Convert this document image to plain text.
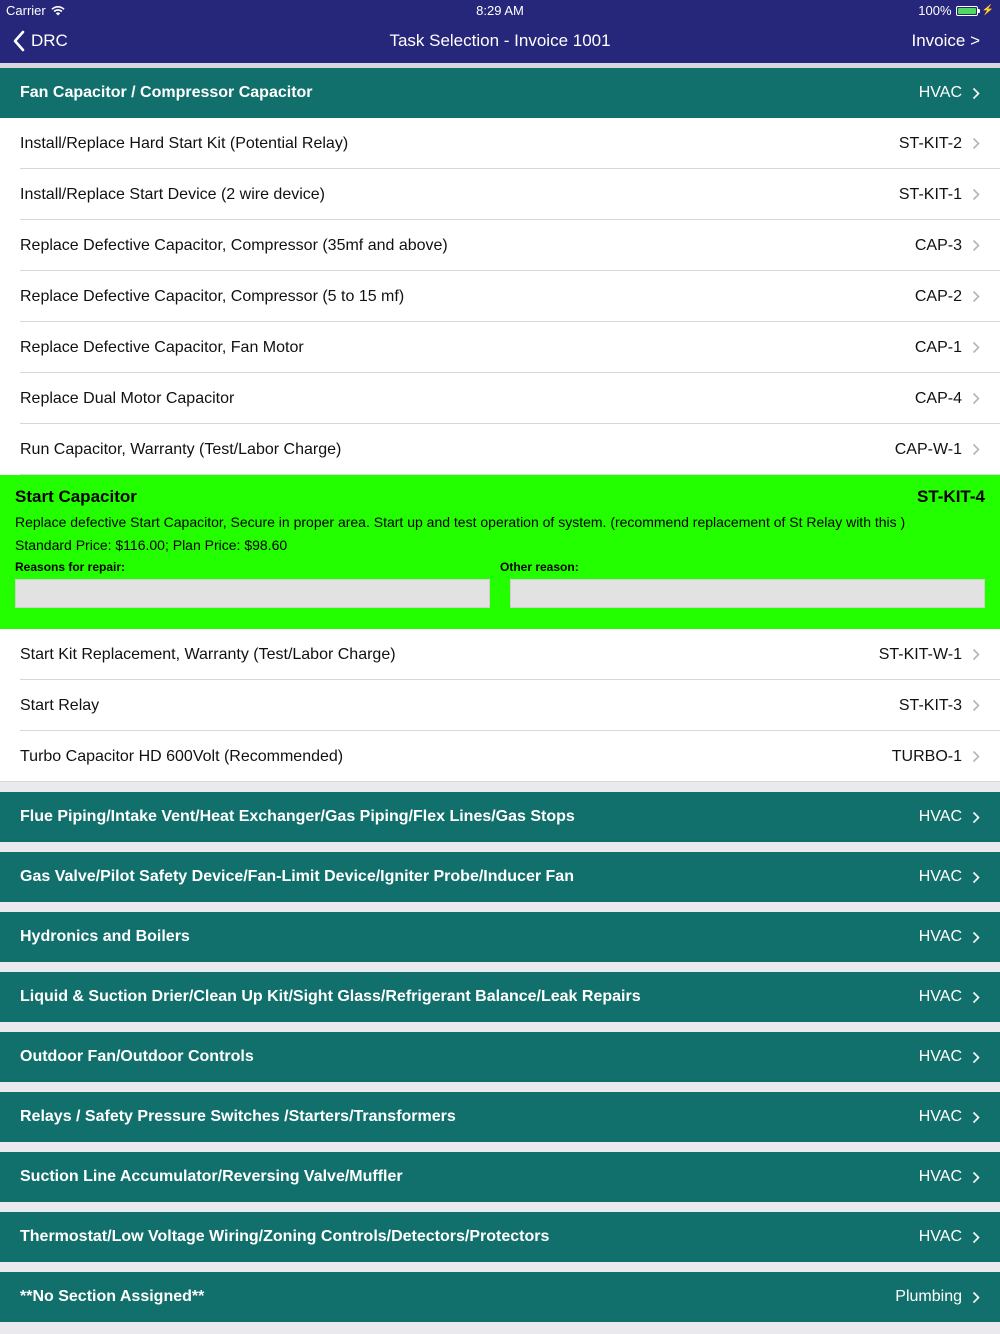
Carrier	8:29 AM	100%	⚡
DRC	Task Selection - Invoice 1001	Invoice >
Fan Capacitor / Compressor Capacitor	HVAC
Install/Replace Hard Start Kit (Potential Relay)	ST-KIT-2
Install/Replace Start Device (2 wire device)	ST-KIT-1
Replace Defective Capacitor, Compressor (35mf and above)	CAP-3
Replace Defective Capacitor, Compressor (5 to 15 mf)	CAP-2
Replace Defective Capacitor, Fan Motor	CAP-1
Replace Dual Motor Capacitor	CAP-4
Run Capacitor, Warranty (Test/Labor Charge)	CAP-W-1
Start Capacitor	ST-KIT-4
Replace defective Start Capacitor, Secure in proper area. Start up and test operation of system. (recommend replacement of St Relay with this )
Standard Price: $116.00; Plan Price: $98.60
Reasons for repair:	Other reason:
Start Kit Replacement, Warranty (Test/Labor Charge)	ST-KIT-W-1
Start Relay	ST-KIT-3
Turbo Capacitor HD 600Volt (Recommended)	TURBO-1
Flue Piping/Intake Vent/Heat Exchanger/Gas Piping/Flex Lines/Gas Stops	HVAC
Gas Valve/Pilot Safety Device/Fan-Limit Device/Igniter Probe/Inducer Fan	HVAC
Hydronics and Boilers	HVAC
Liquid & Suction Drier/Clean Up Kit/Sight Glass/Refrigerant Balance/Leak Repairs	HVAC
Outdoor Fan/Outdoor Controls	HVAC
Relays / Safety Pressure Switches /Starters/Transformers	HVAC
Suction Line Accumulator/Reversing Valve/Muffler	HVAC
Thermostat/Low Voltage Wiring/Zoning Controls/Detectors/Protectors	HVAC
**No Section Assigned**	Plumbing
